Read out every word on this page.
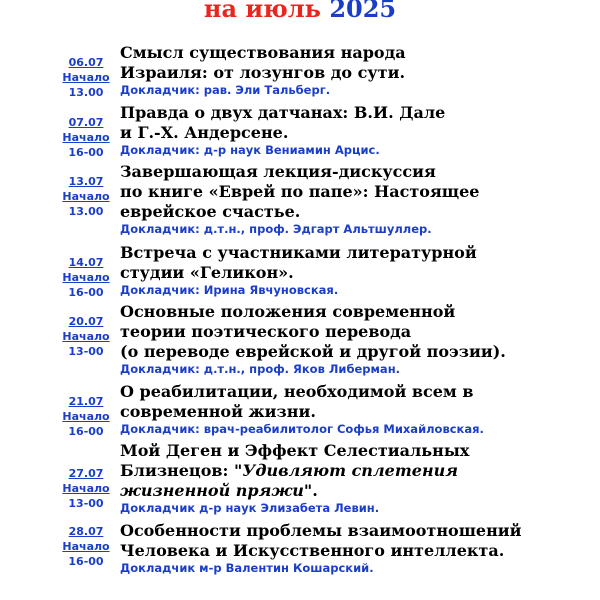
на июль 2025
06.07
Начало
13.00

Смысл существования народа

Израиля: от лозунгов до сути.

Докладчик: рав. Эли Тальберг.

07.07
Начало
16-00

Правда о двух датчанах: В.И. Дале

и Г.-Х. Андерсене.

Докладчик: д-р наук Вениамин Арцис.

13.07
Начало
13.00

Завершающая лекция-дискуссия

по книге «Еврей по папе»: Настоящее

еврейское счастье.

Докладчик: д.т.н., проф. Эдгарт Альтшуллер.

14.07
Начало
16-00

Встреча с участниками литературной

студии «Геликон».

Докладчик: Ирина Явчуновская.

20.07
Начало
13-00

Основные положения современной

теории поэтического перевода

(о переводе еврейской и другой поэзии).

Докладчик: д.т.н., проф. Яков Либерман.

21.07
Начало
16-00

О реабилитации, необходимой всем в

современной жизни.

Докладчик: врач-реабилитолог Софья Михайловская.

27.07
Начало
13-00

Мой Деген и Эффект Селестиальных

Близнецов: "Удивляют сплетения

жизненной пряжи".

Докладчик д-р наук Элизабета Левин.

28.07
Начало
16-00

Особенности проблемы взаимоотношений

Человека и Искусственного интеллекта.

Докладчик м-р Валентин Кошарский.
